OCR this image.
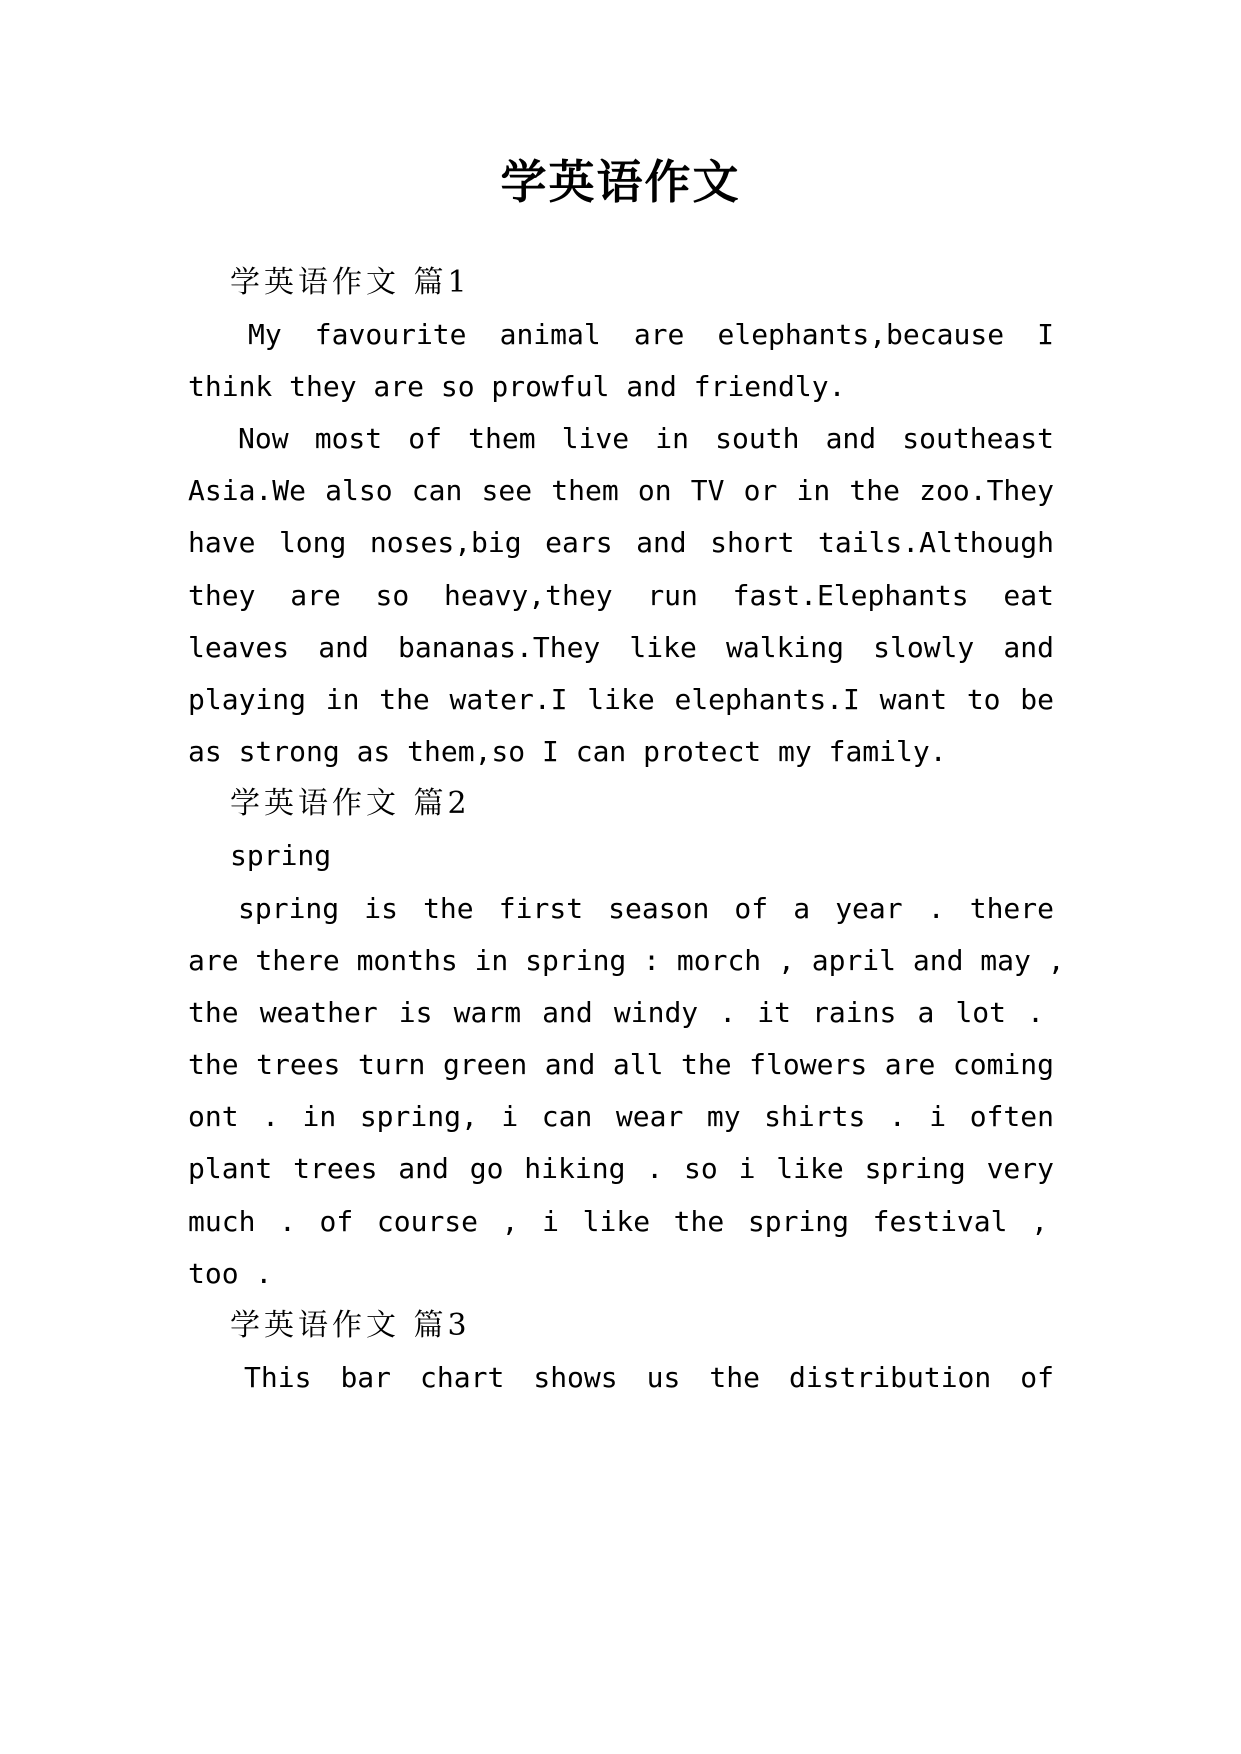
学英语作文
学英语作文 篇1
My favourite animal are elephants,because I
think they are so prowful and friendly.
Now most of them live in south and southeast
Asia.We also can see them on TV or in the zoo.They
have long noses,big ears and short tails.Although
they are so heavy,they run fast.Elephants eat
leaves and bananas.They like walking slowly and
playing in the water.I like elephants.I want to be
as strong as them,so I can protect my family.
学英语作文 篇2
spring
spring is the first season of a year . there
are there months in spring : morch , april and may ,
the weather is warm and windy . it rains a lot .
the trees turn green and all the flowers are coming
ont . in spring, i can wear my shirts . i often
plant trees and go hiking . so i like spring very
much . of course , i like the spring festival ,
too .
学英语作文 篇3
This bar chart shows us the distribution of
